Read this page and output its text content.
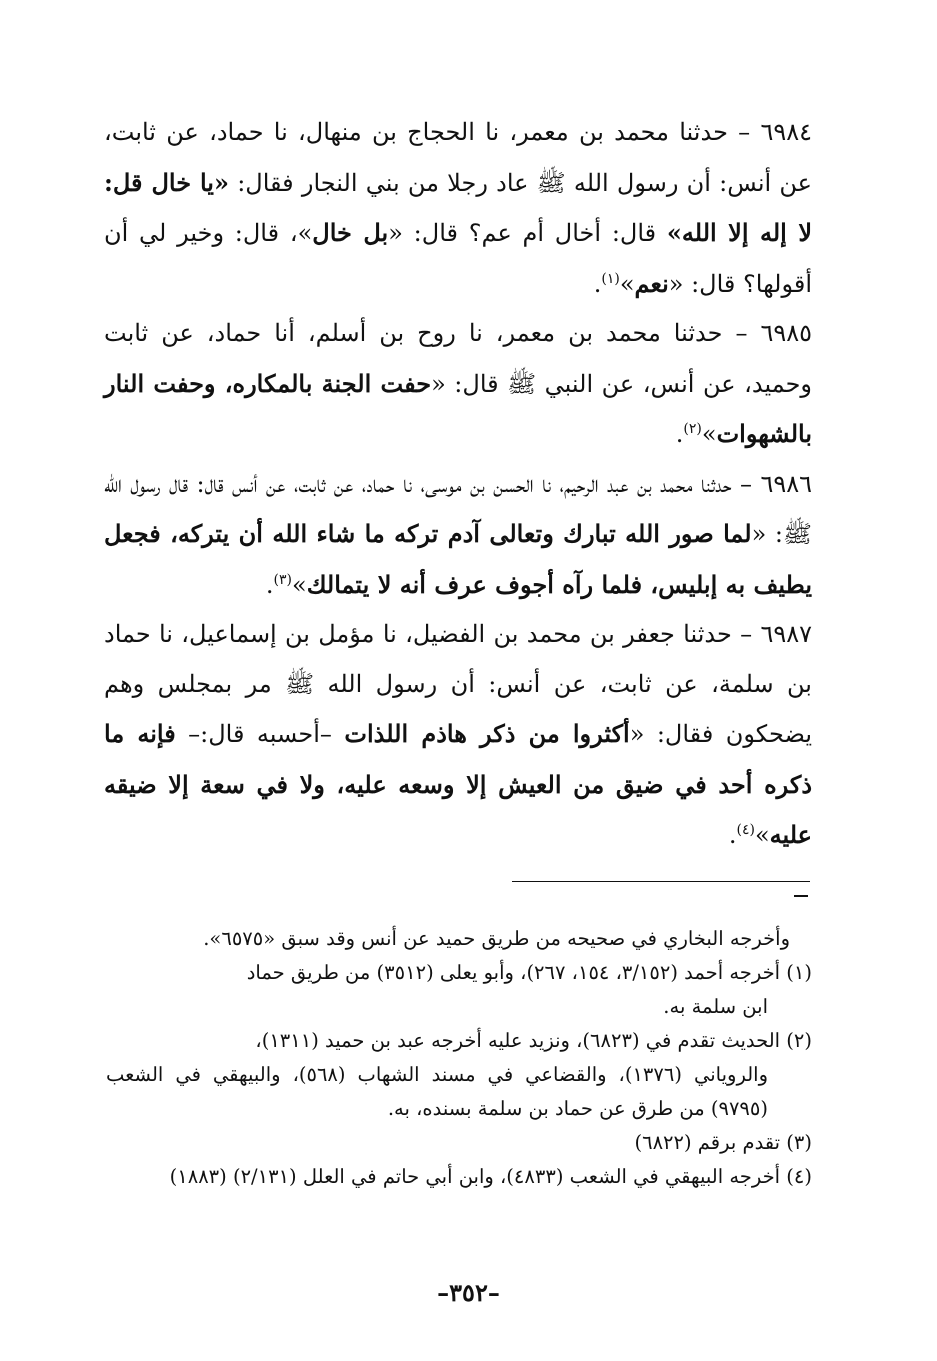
٦٩٨٤ – حدثنا محمد بن معمر، نا الحجاج بن منهال، نا حماد، عن ثابت، عن أنس: أن رسول الله ﷺ عاد رجلا من بني النجار فقال: «يا خال قل: لا إله إلا الله» قال: أخال أم عم؟ قال: «بل خال»، قال: وخير لي أن أقولها؟ قال: «نعم»$^{(١)}$.

٦٩٨٥ – حدثنا محمد بن معمر، نا روح بن أسلم، أنا حماد، عن ثابت وحميد، عن أنس، عن النبي ﷺ قال: «حفت الجنة بالمكاره، وحفت النار بالشهوات»$^{(٢)}$.

٦٩٨٦ – حدثنا محمد بن عبد الرحيم، نا الحسن بن موسى، نا حماد، عن ثابت، عن أنس قال: قال رسول الله ﷺ: «لما صور الله تبارك وتعالى آدم تركه ما شاء الله أن يتركه، فجعل يطيف به إبليس، فلما رآه أجوف عرف أنه لا يتمالك»$^{(٣)}$.

٦٩٨٧ – حدثنا جعفر بن محمد بن الفضيل، نا مؤمل بن إسماعيل، نا حماد بن سلمة، عن ثابت، عن أنس: أن رسول الله ﷺ مر بمجلس وهم يضحكون فقال: «أكثروا من ذكر هاذم اللذات –أحسبه قال:– فإنه ما ذكره أحد في ضيق من العيش إلا وسعه عليه، ولا في سعة إلا ضيقه عليه»$^{(٤)}$.

وأخرجه البخاري في صحيحه من طريق حميد عن أنس وقد سبق «٦٥٧٥».

(١) أخرجه أحمد (٣/١٥٢، ١٥٤، ٢٦٧)، وأبو يعلى (٣٥١٢) من طريق حماد
ابن سلمة به.

(٢) الحديث تقدم في (٦٨٢٣)، ونزيد عليه أخرجه عبد بن حميد (١٣١١)،
والروياني (١٣٧٦)، والقضاعي في مسند الشهاب (٥٦٨)، والبيهقي في الشعب (٩٧٩٥) من طرق عن حماد بن سلمة بسنده، به.

(٣) تقدم برقم (٦٨٢٢)

(٤) أخرجه البيهقي في الشعب (٤٨٣٣)، وابن أبي حاتم في العلل (٢/١٣١) (١٨٨٣)

–٣٥٢–
